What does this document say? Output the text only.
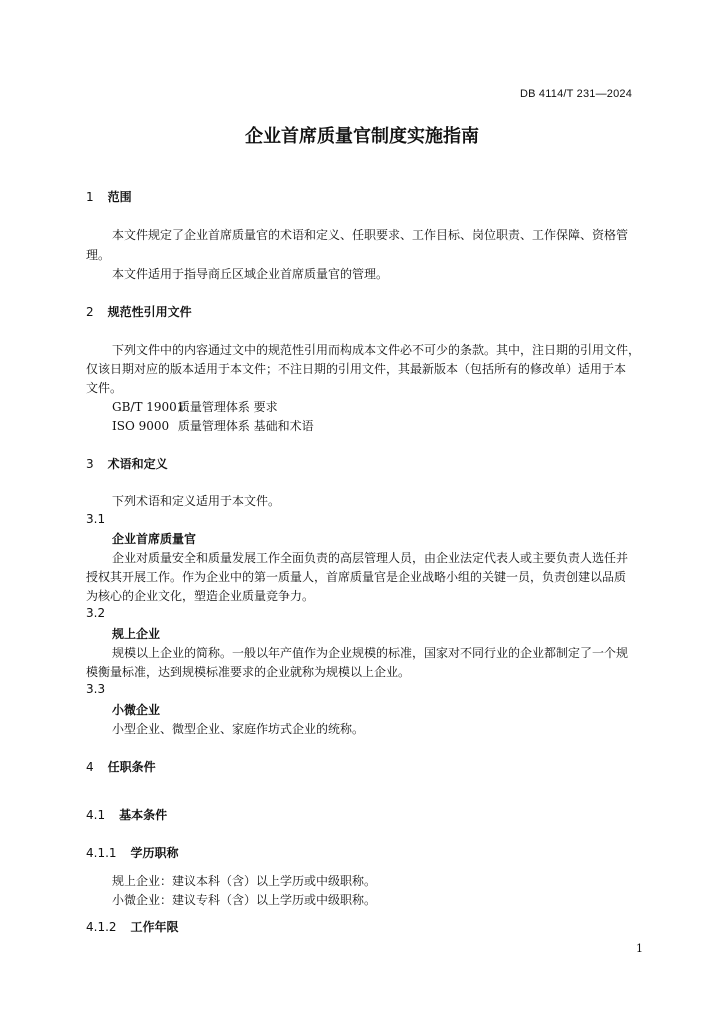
DB 4114/T 231—2024
企业首席质量官制度实施指南
1 范围
本文件规定了企业首席质量官的术语和定义、任职要求、工作目标、岗位职责、工作保障、资格管
理。
本文件适用于指导商丘区域企业首席质量官的管理。
2 规范性引用文件
下列文件中的内容通过文中的规范性引用而构成本文件必不可少的条款。其中，注日期的引用文件，
仅该日期对应的版本适用于本文件；不注日期的引用文件，其最新版本（包括所有的修改单）适用于本
文件。
GB/T 19001 质量管理体系 要求
ISO 9000 质量管理体系 基础和术语
3 术语和定义
下列术语和定义适用于本文件。
3.1
企业首席质量官
企业对质量安全和质量发展工作全面负责的高层管理人员，由企业法定代表人或主要负责人选任并
授权其开展工作。作为企业中的第一质量人，首席质量官是企业战略小组的关键一员，负责创建以品质
为核心的企业文化，塑造企业质量竞争力。
3.2
规上企业
规模以上企业的简称。一般以年产值作为企业规模的标准，国家对不同行业的企业都制定了一个规
模衡量标准，达到规模标准要求的企业就称为规模以上企业。
3.3
小微企业
小型企业、微型企业、家庭作坊式企业的统称。
4 任职条件
4.1 基本条件
4.1.1 学历职称
规上企业：建议本科（含）以上学历或中级职称。
小微企业：建议专科（含）以上学历或中级职称。
4.1.2 工作年限
1
